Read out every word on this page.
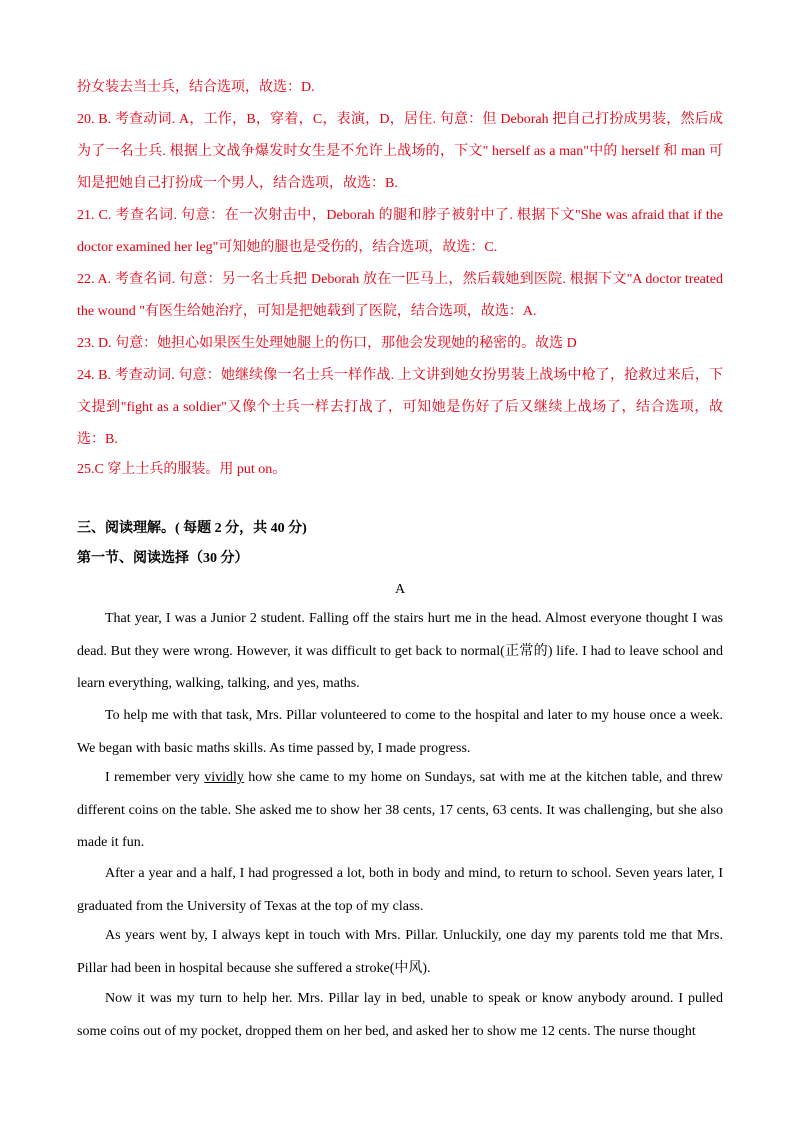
扮女装去当士兵，结合选项，故选：D.

20. B. 考查动词. A，工作，B，穿着，C，表演，D，居住. 句意：但 Deborah 把自己打扮成男装，然后成为了一名士兵. 根据上文战争爆发时女生是不允许上战场的，下文" herself as a man"中的 herself 和 man 可知是把她自己打扮成一个男人，结合选项，故选：B.

21. C. 考查名词. 句意：在一次射击中，Deborah 的腿和脖子被射中了. 根据下文"She was afraid that if the doctor examined her leg"可知她的腿也是受伤的，结合选项，故选：C.

22. A. 考查名词. 句意：另一名士兵把 Deborah 放在一匹马上，然后载她到医院. 根据下文"A doctor treated the wound "有医生给她治疗，可知是把她载到了医院，结合选项，故选：A.

23. D. 句意：她担心如果医生处理她腿上的伤口，那他会发现她的秘密的。故选 D

24. B. 考查动词. 句意：她继续像一名士兵一样作战. 上文讲到她女扮男装上战场中枪了，抢救过来后，下文提到"fight as a soldier"又像个士兵一样去打战了，可知她是伤好了后又继续上战场了，结合选项，故选：B.

25.C 穿上士兵的服装。用 put on。

三、阅读理解。( 每题 2 分，共 40 分)

第一节、阅读选择（30 分）

A

That year, I was a Junior 2 student. Falling off the stairs hurt me in the head. Almost everyone thought I was dead. But they were wrong. However, it was difficult to get back to normal(正常的) life. I had to leave school and learn everything, walking, talking, and yes, maths.

To help me with that task, Mrs. Pillar volunteered to come to the hospital and later to my house once a week. We began with basic maths skills. As time passed by, I made progress.

I remember very vividly how she came to my home on Sundays, sat with me at the kitchen table, and threw different coins on the table. She asked me to show her 38 cents, 17 cents, 63 cents. It was challenging, but she also made it fun.

After a year and a half, I had progressed a lot, both in body and mind, to return to school. Seven years later, I graduated from the University of Texas at the top of my class.

As years went by, I always kept in touch with Mrs. Pillar. Unluckily, one day my parents told me that Mrs. Pillar had been in hospital because she suffered a stroke(中风).

Now it was my turn to help her. Mrs. Pillar lay in bed, unable to speak or know anybody around. I pulled some coins out of my pocket, dropped them on her bed, and asked her to show me 12 cents. The nurse thought
